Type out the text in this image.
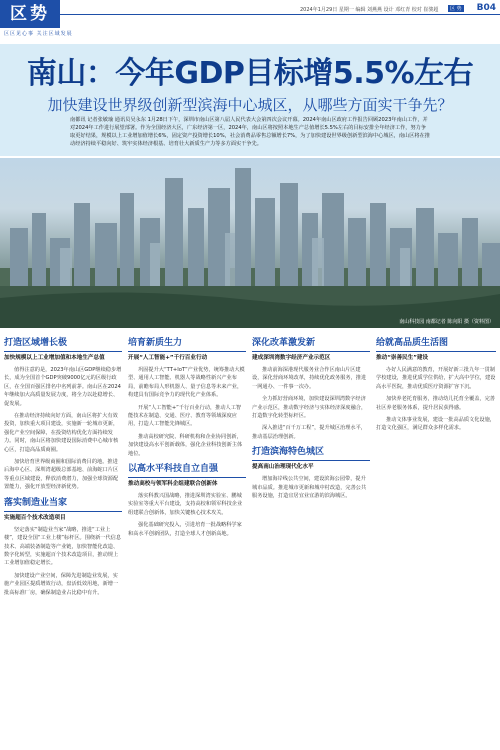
区势
区区见心事 关注区域发展
2024年1月29日 星期一 编辑 刘燕燕 设计 邓红青 校对 崔骏超	区 势 B04
南山：今年GDP目标增5.5%左右
加快建设世界级创新型滨海中心城区，从哪些方面实干争先？
南都讯 记者张敏瑜 通讯员吴永东 1月28日下午，深圳市南山区第八届人民代表大会第四次会议开幕。2024年南山区政府工作报告回顾2023年南山工作，并对2024年工作进行展望部署。作为全国经济大区，广东经济第一区，2024年，南山区将按照本地生产总值增长5.5%左右的目标安排全年经济工作，努力争取更好结果，规模以上工业增加值增长6%，固定资产投资增长10%，社会消费品零售总额增长7%，为了加快建设世界级创新型滨海中心城区，南山区将在推动经济持续平稳向好、筑牢实体经济根基、培育壮大新质生产力等多方面实干争先。
南山科技园 南都记者 陈向阳 摄（资料图）
打造区域增长极
加快规模以上工业增加值和本地生产总值

值得注意的是，2023年南山区GDP继续稳步增长，成为全国首个GDP突破9000亿元的区级行政区，在全国百强区排名中名列前茅。南山区在2024年继续加大高质量发展力度，将全力以赴稳增长、促发展。

在推动经济持续向好方面，南山区将扩大有效投资，加快重大项目建设，实施新一轮城市更新，强化产业空间保障，在投资结构优化方面持续发力。同时，南山区将加快建设国际消费中心城市核心区，打造高品质商圈。

加快培育世界级商圈和国际消费目的地。推进后海中心区、深圳湾超级总部基地、前海蛇口片区等重点区域建设，释放消费潜力，加强全球资源配置能力，强化开放型经济新优势。

落实制造业当家
实施超百个技术改造项目

坚定落实“制造业当家”战略，推进“工业上楼”，建设全国“工业上楼”标杆区。围绕新一代信息技术、高端装备制造等产业链，加快智能化改造、数字化转型，实施超百个技术改造项目，推动规上工业增加值稳定增长。

加快建设产业空间，保障先进制造业发展，实施产业园区提质增效行动，盘活低效用地，新增一批高标准厂房，确保制造业占比稳中有升。

培育新质生力
开展“人工智能+”千行百业行动

巩固提升大“TT+IoT”产业优势，统筹推动大模型、通用人工智能、机器人等战略性新兴产业布局，前瞻布局人形机器人、量子信息等未来产业，构建具有国际竞争力的现代化产业体系。

开展“人工智能+”千行百业行动，推动人工智能技术在制造、交通、医疗、教育等领域深度应用，打造人工智能先锋城区。

推动高校研究院、科研机构和企业协同创新，加快建设高水平创新载体，强化企业科技创新主体地位。

以高水平科技自立自强
推动高校与领军科企组建联合创新体

落实科教兴国战略，推进深圳湾实验室、鹏城实验室等重大平台建设，支持高校和领军科技企业组建联合创新体，加快关键核心技术攻关。

强化基础研究投入，引进培育一批战略科学家和高水平创新团队，打造全球人才创新高地。

深化改革激发新
建成深圳湾数字经济产业示范区

推动前海深港现代服务业合作区南山片区建设，深化营商环境改革，持续优化政务服务，推进一网通办、一件事一次办。

全力抓好营商环境，加快建设深圳湾数字经济产业示范区，推动数字经济与实体经济深度融合，打造数字化转型标杆区。

深入推进“百千万工程”，提升城区治理水平，推动基层治理创新。

打造滨海特色城区
提高南山治理现代化水平

增加海岸线公共空间，建设滨海公园带，提升城市品质。推进城市更新和城中村改造，完善公共服务设施，打造宜居宜业宜游的滨海城区。

给就高品质生活图
推动“崇善民生”建设

办好人民满意的教育，开展好新三批九年一贯制学校建设，推进优质学位供给，扩大高中学位，建设高水平医院，推动优质医疗资源扩容下沉。

加快养老托育服务，推动幼儿托育全覆盖，完善社区养老服务体系，提升居民获得感。

推动文体事业发展，建设一批高品质文化设施，打造文化强区，满足群众多样化需求。
